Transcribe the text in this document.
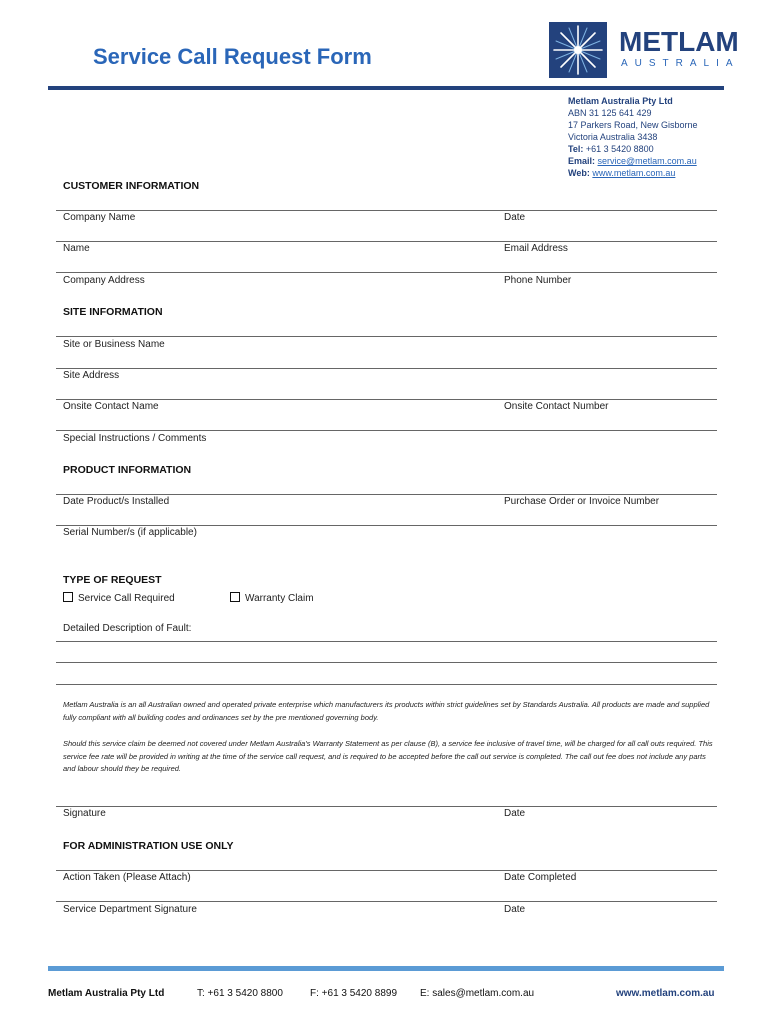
Service Call Request Form	METLAM
AUSTRALIA
Metlam Australia Pty Ltd
ABN 31 125 641 429
17 Parkers Road, New Gisborne
Victoria Australia 3438
Tel: +61 3 5420 8800
Email: service@metlam.com.au
Web: www.metlam.com.au
CUSTOMER INFORMATION
Company Name	Date
Name	Email Address
Company Address	Phone Number
SITE INFORMATION
Site or Business Name
Site Address
Onsite Contact Name	Onsite Contact Number
Special Instructions / Comments
PRODUCT INFORMATION
Date Product/s Installed	Purchase Order or Invoice Number
Serial Number/s (if applicable)
TYPE OF REQUEST
Service Call Required	Warranty Claim
Detailed Description of Fault:
Metlam Australia is an all Australian owned and operated private enterprise which manufacturers its products within strict guidelines set by Standards Australia. All products are made and supplied fully compliant with all building codes and ordinances set by the pre mentioned governing body.
Should this service claim be deemed not covered under Metlam Australia's Warranty Statement as per clause (B), a service fee inclusive of travel time, will be charged for all call outs required. This service fee rate will be provided in writing at the time of the service call request, and is required to be accepted before the call out service is completed. The call out fee does not include any parts and labour should they be required.
Signature	Date
FOR ADMINISTRATION USE ONLY
Action Taken (Please Attach)	Date Completed
Service Department Signature	Date
Metlam Australia Pty Ltd	T: +61 3 5420 8800	F: +61 3 5420 8899 E: sales@metlam.com.au	www.metlam.com.au
